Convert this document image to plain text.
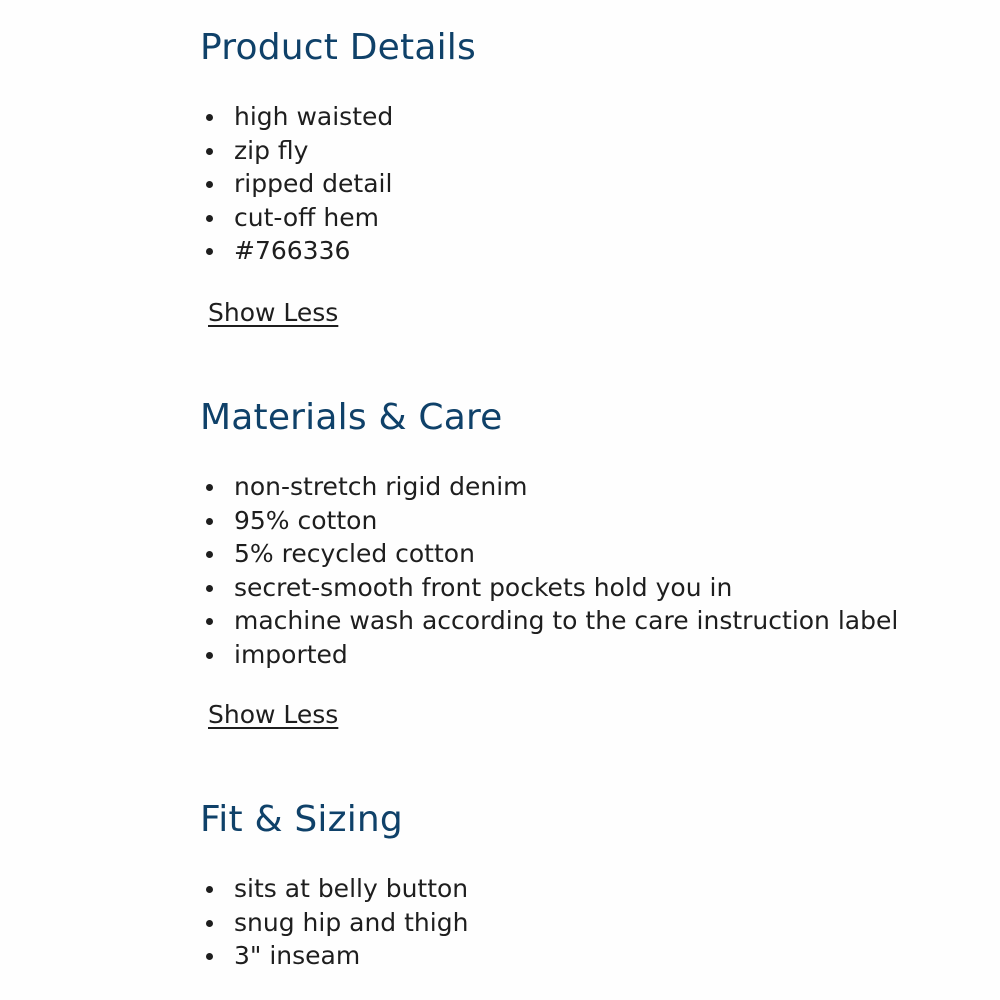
Product Details
high waisted
zip fly
ripped detail
cut-off hem
#766336
Show Less
Materials & Care
non-stretch rigid denim
95% cotton
5% recycled cotton
secret-smooth front pockets hold you in
machine wash according to the care instruction label
imported
Show Less
Fit & Sizing
sits at belly button
snug hip and thigh
3" inseam
